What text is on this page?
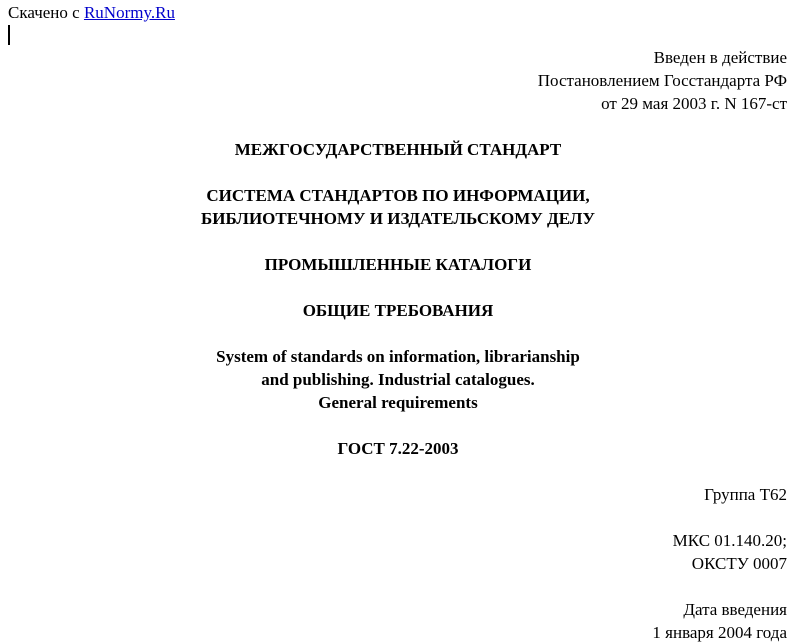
Скачено с RuNormy.Ru
Введен в действие
Постановлением Госстандарта РФ
от 29 мая 2003 г. N 167-ст
МЕЖГОСУДАРСТВЕННЫЙ СТАНДАРТ
СИСТЕМА СТАНДАРТОВ ПО ИНФОРМАЦИИ,
БИБЛИОТЕЧНОМУ И ИЗДАТЕЛЬСКОМУ ДЕЛУ
ПРОМЫШЛЕННЫЕ КАТАЛОГИ
ОБЩИЕ ТРЕБОВАНИЯ
System of standards on information, librarianship
and publishing. Industrial catalogues.
General requirements
ГОСТ 7.22-2003
Группа Т62
МКС 01.140.20;
ОКСТУ 0007
Дата введения
1 января 2004 года
